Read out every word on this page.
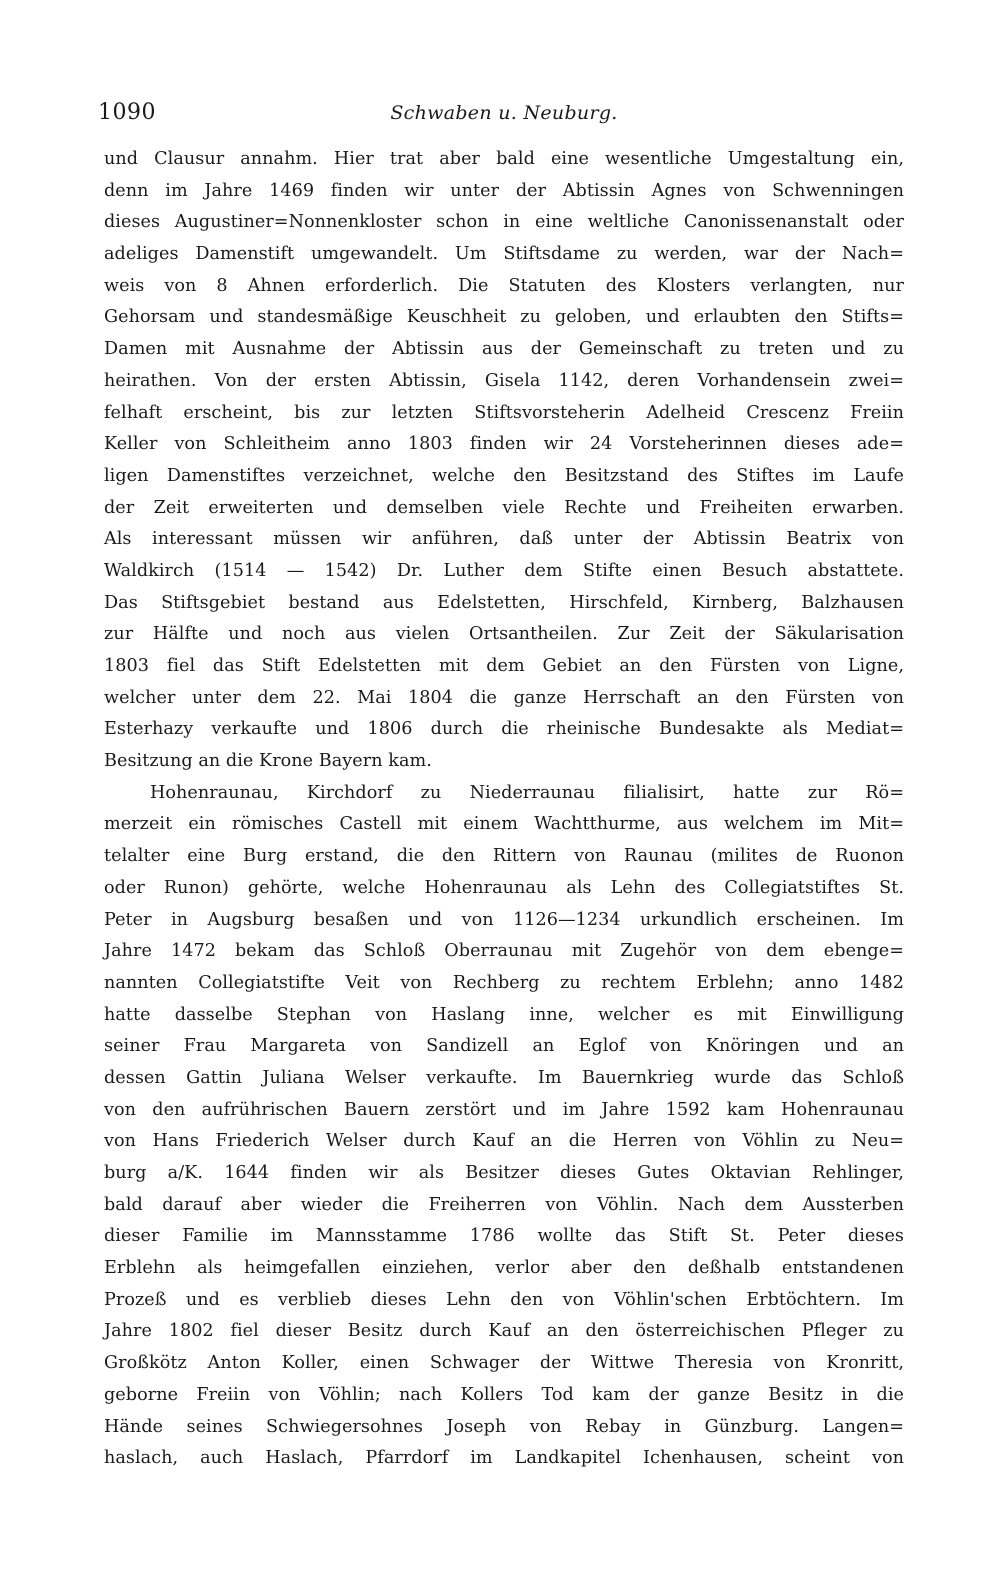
1090	Schwaben u. Neuburg.
und Clausur annahm. Hier trat aber bald eine wesentliche Umgestaltung ein,
denn im Jahre 1469 finden wir unter der Abtissin Agnes von Schwenningen
dieses Augustiner=Nonnenkloster schon in eine weltliche Canonissenanstalt oder
adeliges Damenstift umgewandelt. Um Stiftsdame zu werden, war der Nach=
weis von 8 Ahnen erforderlich. Die Statuten des Klosters verlangten, nur
Gehorsam und standesmäßige Keuschheit zu geloben, und erlaubten den Stifts=
Damen mit Ausnahme der Abtissin aus der Gemeinschaft zu treten und zu
heirathen. Von der ersten Abtissin, Gisela 1142, deren Vorhandensein zwei=
felhaft erscheint, bis zur letzten Stiftsvorsteherin Adelheid Crescenz Freiin
Keller von Schleitheim anno 1803 finden wir 24 Vorsteherinnen dieses ade=
ligen Damenstiftes verzeichnet, welche den Besitzstand des Stiftes im Laufe
der Zeit erweiterten und demselben viele Rechte und Freiheiten erwarben.
Als interessant müssen wir anführen, daß unter der Abtissin Beatrix von
Waldkirch (1514 — 1542) Dr. Luther dem Stifte einen Besuch abstattete.
Das Stiftsgebiet bestand aus Edelstetten, Hirschfeld, Kirnberg, Balzhausen
zur Hälfte und noch aus vielen Ortsantheilen. Zur Zeit der Säkularisation
1803 fiel das Stift Edelstetten mit dem Gebiet an den Fürsten von Ligne,
welcher unter dem 22. Mai 1804 die ganze Herrschaft an den Fürsten von
Esterhazy verkaufte und 1806 durch die rheinische Bundesakte als Mediat=
Besitzung an die Krone Bayern kam.
Hohenraunau, Kirchdorf zu Niederraunau filialisirt, hatte zur Rö=
merzeit ein römisches Castell mit einem Wachtthurme, aus welchem im Mit=
telalter eine Burg erstand, die den Rittern von Raunau (milites de Ruonon
oder Runon) gehörte, welche Hohenraunau als Lehn des Collegiatstiftes St.
Peter in Augsburg besaßen und von 1126—1234 urkundlich erscheinen. Im
Jahre 1472 bekam das Schloß Oberraunau mit Zugehör von dem ebenge=
nannten Collegiatstifte Veit von Rechberg zu rechtem Erblehn; anno 1482
hatte dasselbe Stephan von Haslang inne, welcher es mit Einwilligung
seiner Frau Margareta von Sandizell an Eglof von Knöringen und an
dessen Gattin Juliana Welser verkaufte. Im Bauernkrieg wurde das Schloß
von den aufrührischen Bauern zerstört und im Jahre 1592 kam Hohenraunau
von Hans Friederich Welser durch Kauf an die Herren von Vöhlin zu Neu=
burg a/K. 1644 finden wir als Besitzer dieses Gutes Oktavian Rehlinger,
bald darauf aber wieder die Freiherren von Vöhlin. Nach dem Aussterben
dieser Familie im Mannsstamme 1786 wollte das Stift St. Peter dieses
Erblehn als heimgefallen einziehen, verlor aber den deßhalb entstandenen
Prozeß und es verblieb dieses Lehn den von Vöhlin'schen Erbtöchtern. Im
Jahre 1802 fiel dieser Besitz durch Kauf an den österreichischen Pfleger zu
Großkötz Anton Koller, einen Schwager der Wittwe Theresia von Kronritt,
geborne Freiin von Vöhlin; nach Kollers Tod kam der ganze Besitz in die
Hände seines Schwiegersohnes Joseph von Rebay in Günzburg. Langen=
haslach, auch Haslach, Pfarrdorf im Landkapitel Ichenhausen, scheint von
